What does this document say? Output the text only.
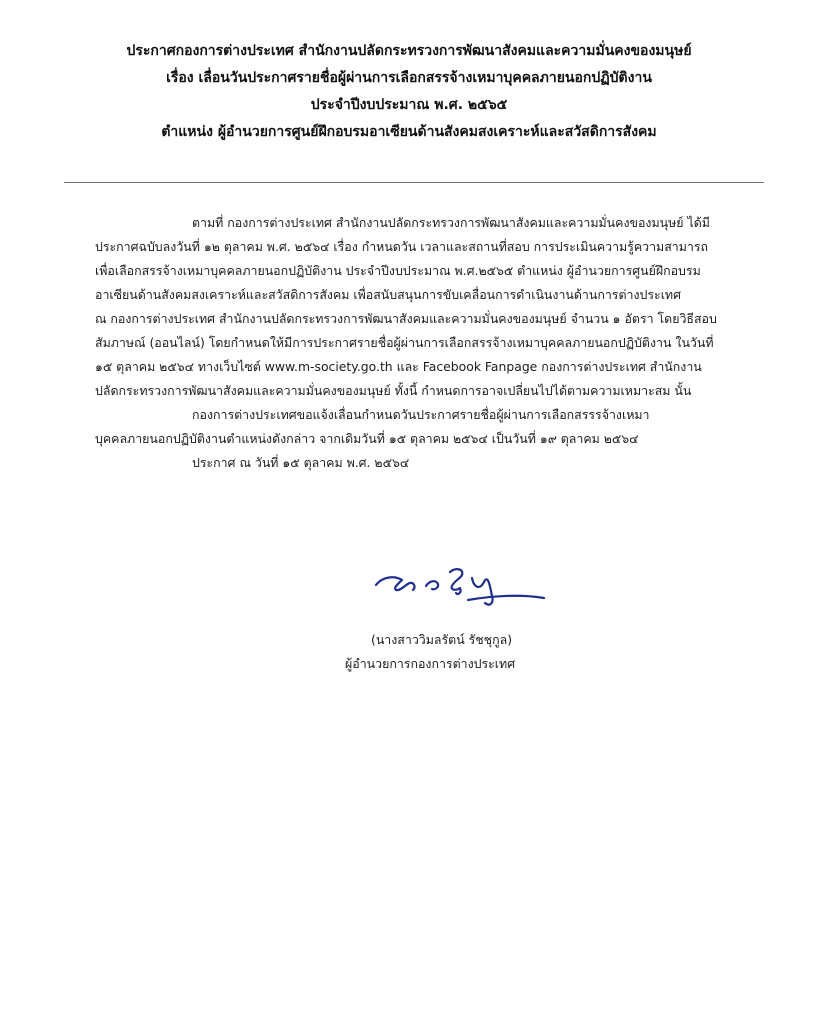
ประกาศกองการต่างประเทศ สำนักงานปลัดกระทรวงการพัฒนาสังคมและความมั่นคงของมนุษย์
เรื่อง เลื่อนวันประกาศรายชื่อผู้ผ่านการเลือกสรรจ้างเหมาบุคคลภายนอกปฏิบัติงาน
ประจำปีงบประมาณ พ.ศ. ๒๕๖๕
ตำแหน่ง ผู้อำนวยการศูนย์ฝึกอบรมอาเซียนด้านสังคมสงเคราะห์และสวัสดิการสังคม

ตามที่ กองการต่างประเทศ สำนักงานปลัดกระทรวงการพัฒนาสังคมและความมั่นคงของมนุษย์ ได้มี

ประกาศฉบับลงวันที่ ๑๒ ตุลาคม พ.ศ. ๒๕๖๔ เรื่อง กำหนดวัน เวลาและสถานที่สอบ การประเมินความรู้ความสามารถ

เพื่อเลือกสรรจ้างเหมาบุคคลภายนอกปฏิบัติงาน ประจำปีงบประมาณ พ.ศ.๒๕๖๕ ตำแหน่ง ผู้อำนวยการศูนย์ฝึกอบรม

อาเซียนด้านสังคมสงเคราะห์และสวัสดิการสังคม เพื่อสนับสนุนการขับเคลื่อนการดำเนินงานด้านการต่างประเทศ

ณ กองการต่างประเทศ สำนักงานปลัดกระทรวงการพัฒนาสังคมและความมั่นคงของมนุษย์ จำนวน ๑ อัตรา โดยวิธีสอบ

สัมภาษณ์ (ออนไลน์) โดยกำหนดให้มีการประกาศรายชื่อผู้ผ่านการเลือกสรรจ้างเหมาบุคคลภายนอกปฏิบัติงาน ในวันที่

๑๕ ตุลาคม ๒๕๖๔ ทางเว็บไซต์ www.m-society.go.th และ Facebook Fanpage กองการต่างประเทศ สำนักงาน

ปลัดกระทรวงการพัฒนาสังคมและความมั่นคงของมนุษย์ ทั้งนี้ กำหนดการอาจเปลี่ยนไปได้ตามความเหมาะสม นั้น

กองการต่างประเทศขอแจ้งเลื่อนกำหนดวันประกาศรายชื่อผู้ผ่านการเลือกสรรรจ้างเหมา

บุคคลภายนอกปฏิบัติงานตำแหน่งดังกล่าว จากเดิมวันที่ ๑๕ ตุลาคม ๒๕๖๔ เป็นวันที่ ๑๙ ตุลาคม ๒๕๖๔

ประกาศ ณ วันที่ ๑๕ ตุลาคม พ.ศ. ๒๕๖๔

(นางสาววิมลรัตน์ รัชชุกูล)

ผู้อำนวยการกองการต่างประเทศ
